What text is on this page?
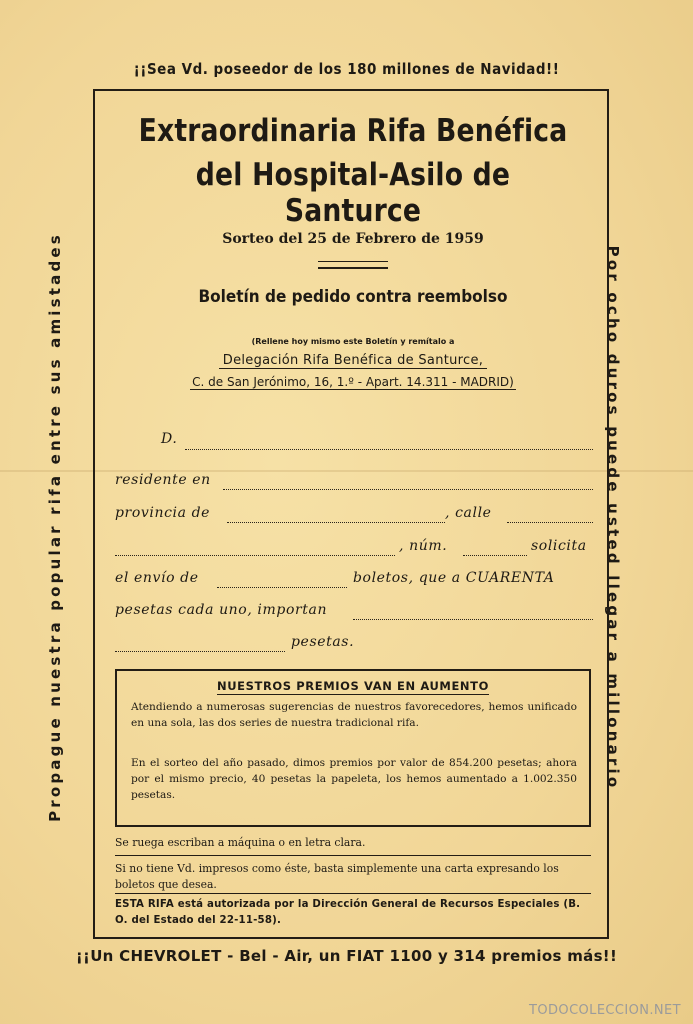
¡¡Sea Vd. poseedor de los 180 millones de Navidad!!
Propague nuestra popular rifa entre sus amistades	Por ocho duros puede usted llegar a millonario
Extraordinaria Rifa Benéfica
del Hospital-Asilo de Santurce
Sorteo del 25 de Febrero de 1959
Boletín de pedido contra reembolso
(Rellene hoy mismo este Boletín y remítalo a
Delegación Rifa Benéfica de Santurce,
C. de San Jerónimo, 16, 1.º - Apart. 14.311 - MADRID)
D.
residente en
provincia de	, calle
, núm.	solicita
el envío de	boletos, que a CUARENTA
pesetas cada uno, importan
pesetas.
NUESTROS PREMIOS VAN EN AUMENTO
Atendiendo a numerosas sugerencias de nuestros favorecedores, hemos unificado en una sola, las dos series de nuestra tradicional rifa.
En el sorteo del año pasado, dimos premios por valor de 854.200 pesetas; ahora por el mismo precio, 40 pesetas la papeleta, los hemos aumentado a 1.002.350 pesetas.
Se ruega escriban a máquina o en letra clara.
Si no tiene Vd. impresos como éste, basta simplemente una carta expresando los boletos que desea.
ESTA RIFA está autorizada por la Dirección General de Recursos Especiales (B. O. del Estado del 22-11-58).
¡¡Un CHEVROLET - Bel - Air, un FIAT 1100 y 314 premios más!!
TODOCOLECCION.NET
